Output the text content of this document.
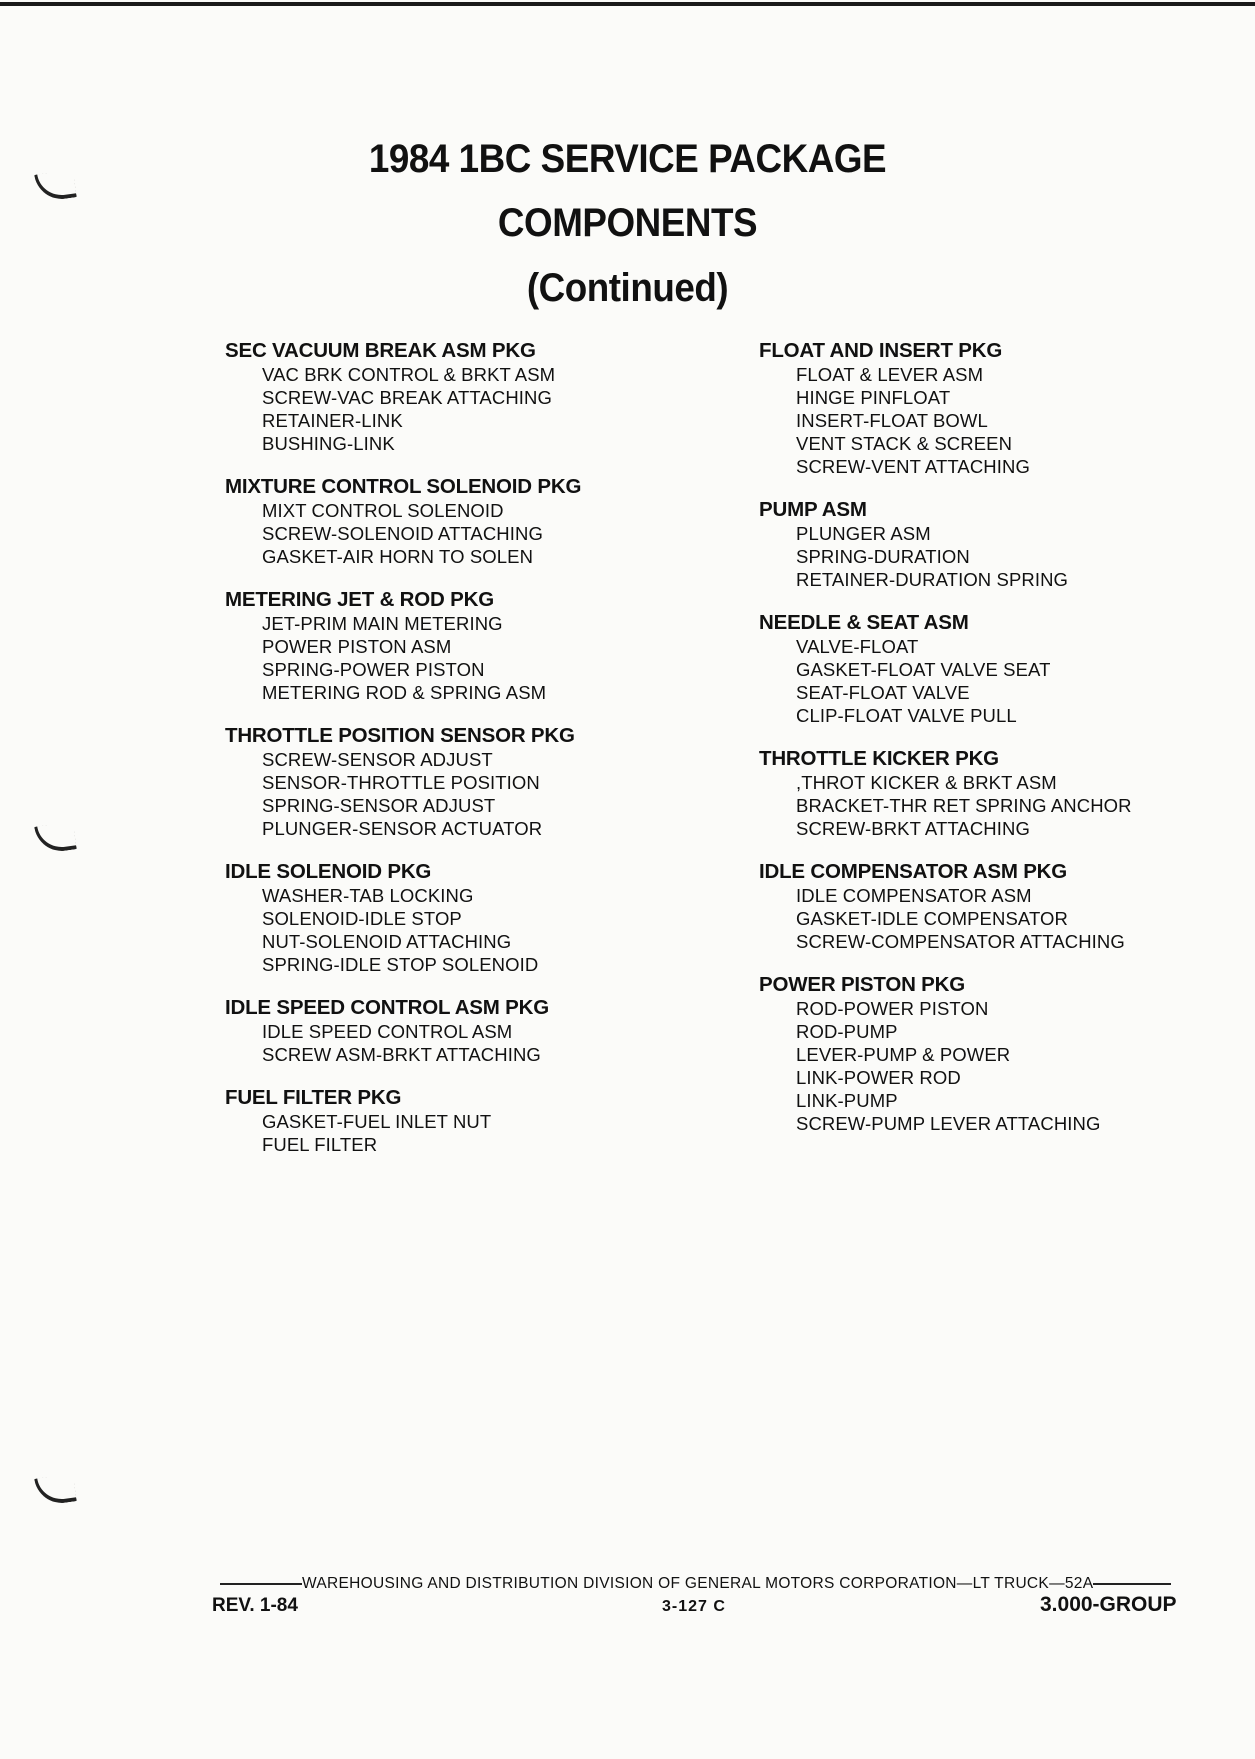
1984 1BC SERVICE PACKAGE
COMPONENTS
(Continued)
SEC VACUUM BREAK ASM PKG
VAC BRK CONTROL & BRKT ASM
SCREW-VAC BREAK ATTACHING
RETAINER-LINK
BUSHING-LINK
MIXTURE CONTROL SOLENOID PKG
MIXT CONTROL SOLENOID
SCREW-SOLENOID ATTACHING
GASKET-AIR HORN TO SOLEN
METERING JET & ROD PKG
JET-PRIM MAIN METERING
POWER PISTON ASM
SPRING-POWER PISTON
METERING ROD & SPRING ASM
THROTTLE POSITION SENSOR PKG
SCREW-SENSOR ADJUST
SENSOR-THROTTLE POSITION
SPRING-SENSOR ADJUST
PLUNGER-SENSOR ACTUATOR
IDLE SOLENOID PKG
WASHER-TAB LOCKING
SOLENOID-IDLE STOP
NUT-SOLENOID ATTACHING
SPRING-IDLE STOP SOLENOID
IDLE SPEED CONTROL ASM PKG
IDLE SPEED CONTROL ASM
SCREW ASM-BRKT ATTACHING
FUEL FILTER PKG
GASKET-FUEL INLET NUT
FUEL FILTER
FLOAT AND INSERT PKG
FLOAT & LEVER ASM
HINGE PINFLOAT
INSERT-FLOAT BOWL
VENT STACK & SCREEN
SCREW-VENT ATTACHING
PUMP ASM
PLUNGER ASM
SPRING-DURATION
RETAINER-DURATION SPRING
NEEDLE & SEAT ASM
VALVE-FLOAT
GASKET-FLOAT VALVE SEAT
SEAT-FLOAT VALVE
CLIP-FLOAT VALVE PULL
THROTTLE KICKER PKG
,THROT KICKER & BRKT ASM
BRACKET-THR RET SPRING ANCHOR
SCREW-BRKT ATTACHING
IDLE COMPENSATOR ASM PKG
IDLE COMPENSATOR ASM
GASKET-IDLE COMPENSATOR
SCREW-COMPENSATOR ATTACHING
POWER PISTON PKG
ROD-POWER PISTON
ROD-PUMP
LEVER-PUMP & POWER
LINK-POWER ROD
LINK-PUMP
SCREW-PUMP LEVER ATTACHING
WAREHOUSING AND DISTRIBUTION DIVISION OF GENERAL MOTORS CORPORATION—LT TRUCK—52A
REV. 1-84	3-127 C	3.000-GROUP
